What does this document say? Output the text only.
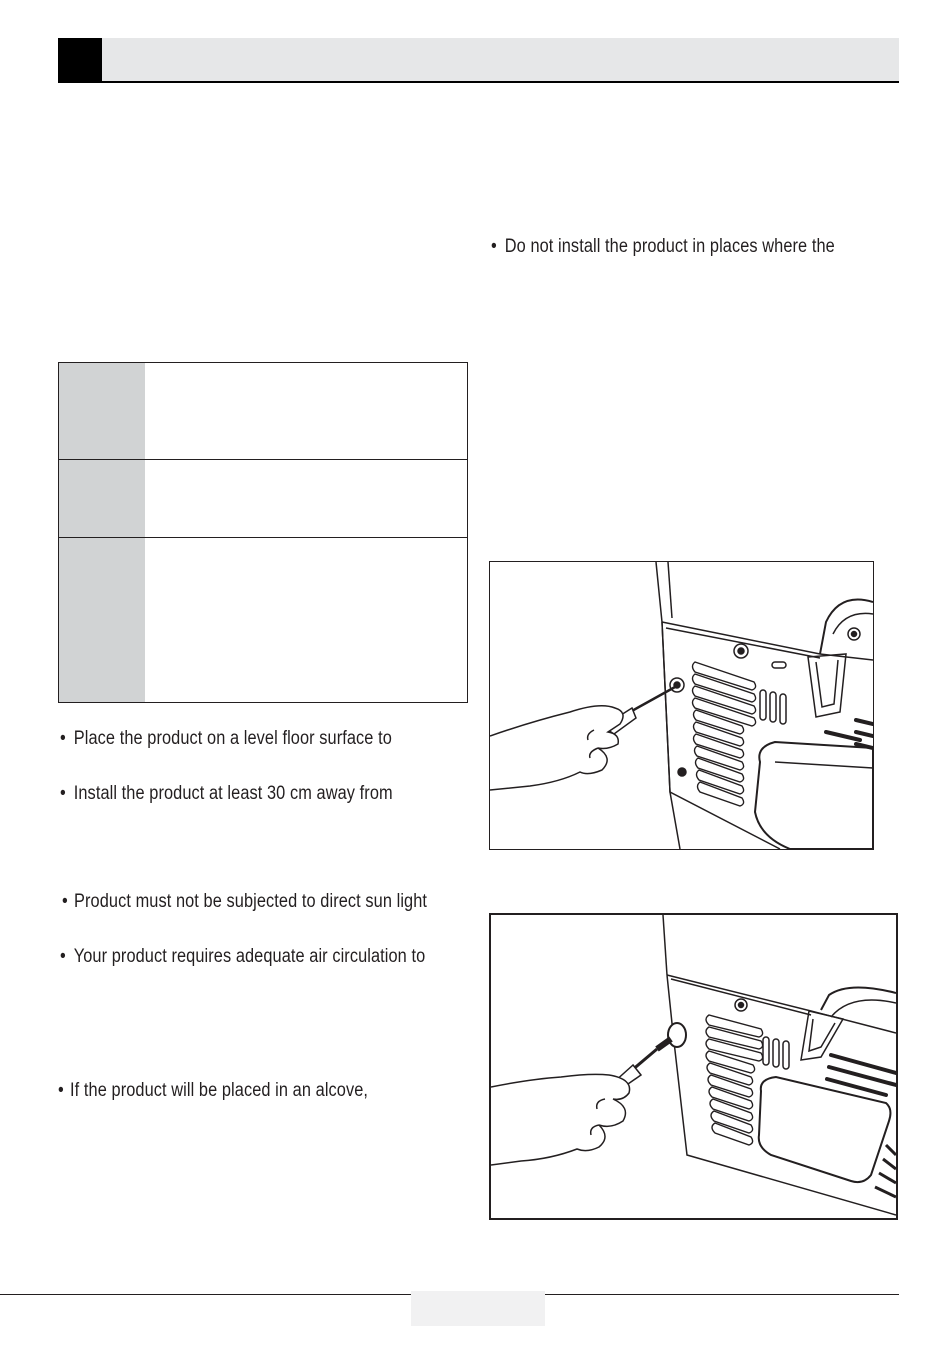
• Do not install the product in places where the
• Place the product on a level floor surface to
• Install the product at least 30 cm away from
• Product must not be subjected to direct sun light
• Your product requires adequate air circulation to
• If the product will be placed in an alcove,
